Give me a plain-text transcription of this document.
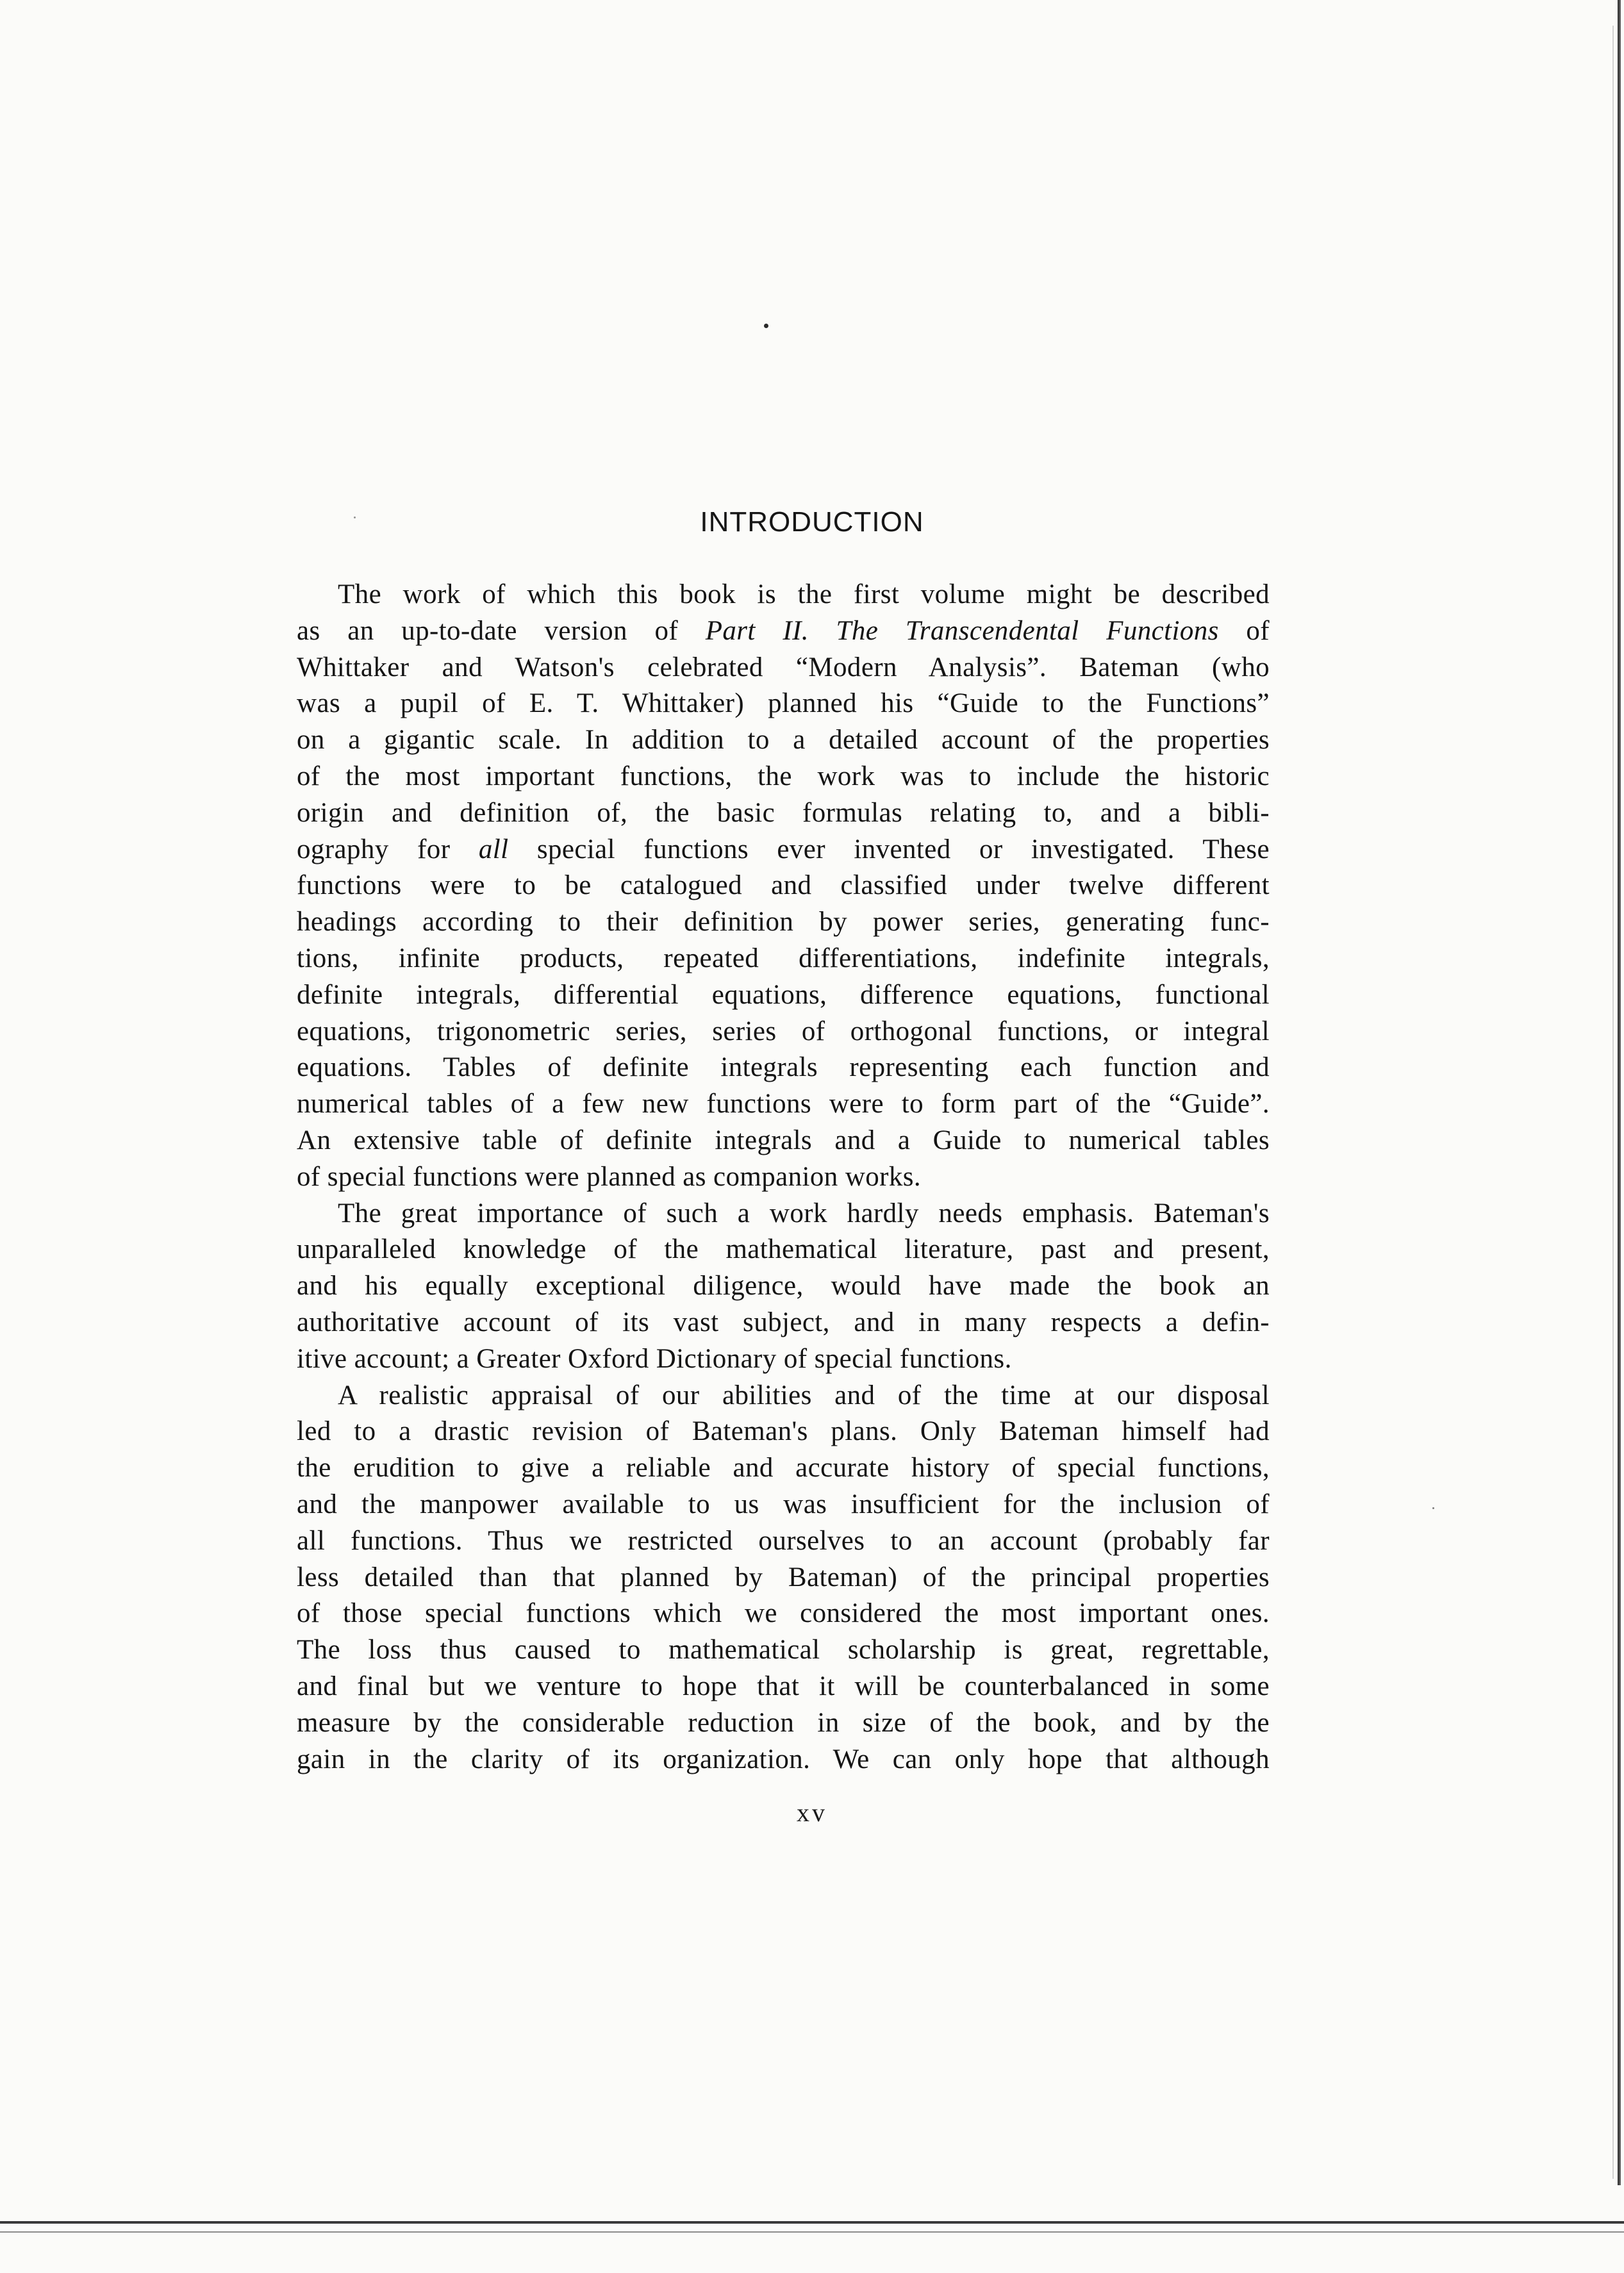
INTRODUCTION

The work of which this book is the first volume might be described
as an up-to-date version of Part II. The Transcendental Functions of
Whittaker and Watson's celebrated “Modern Analysis”. Bateman (who
was a pupil of E. T. Whittaker) planned his “Guide to the Functions”
on a gigantic scale. In addition to a detailed account of the properties
of the most important functions, the work was to include the historic
origin and definition of, the basic formulas relating to, and a bibli-
ography for all special functions ever invented or investigated. These
functions were to be catalogued and classified under twelve different
headings according to their definition by power series, generating func-
tions, infinite products, repeated differentiations, indefinite integrals,
definite integrals, differential equations, difference equations, functional
equations, trigonometric series, series of orthogonal functions, or integral
equations. Tables of definite integrals representing each function and
numerical tables of a few new functions were to form part of the “Guide”.
An extensive table of definite integrals and a Guide to numerical tables
of special functions were planned as companion works.

The great importance of such a work hardly needs emphasis. Bateman's
unparalleled knowledge of the mathematical literature, past and present,
and his equally exceptional diligence, would have made the book an
authoritative account of its vast subject, and in many respects a defin-
itive account; a Greater Oxford Dictionary of special functions.

A realistic appraisal of our abilities and of the time at our disposal
led to a drastic revision of Bateman's plans. Only Bateman himself had
the erudition to give a reliable and accurate history of special functions,
and the manpower available to us was insufficient for the inclusion of
all functions. Thus we restricted ourselves to an account (probably far
less detailed than that planned by Bateman) of the principal properties
of those special functions which we considered the most important ones.
The loss thus caused to mathematical scholarship is great, regrettable,
and final but we venture to hope that it will be counterbalanced in some
measure by the considerable reduction in size of the book, and by the
gain in the clarity of its organization. We can only hope that although

xv
